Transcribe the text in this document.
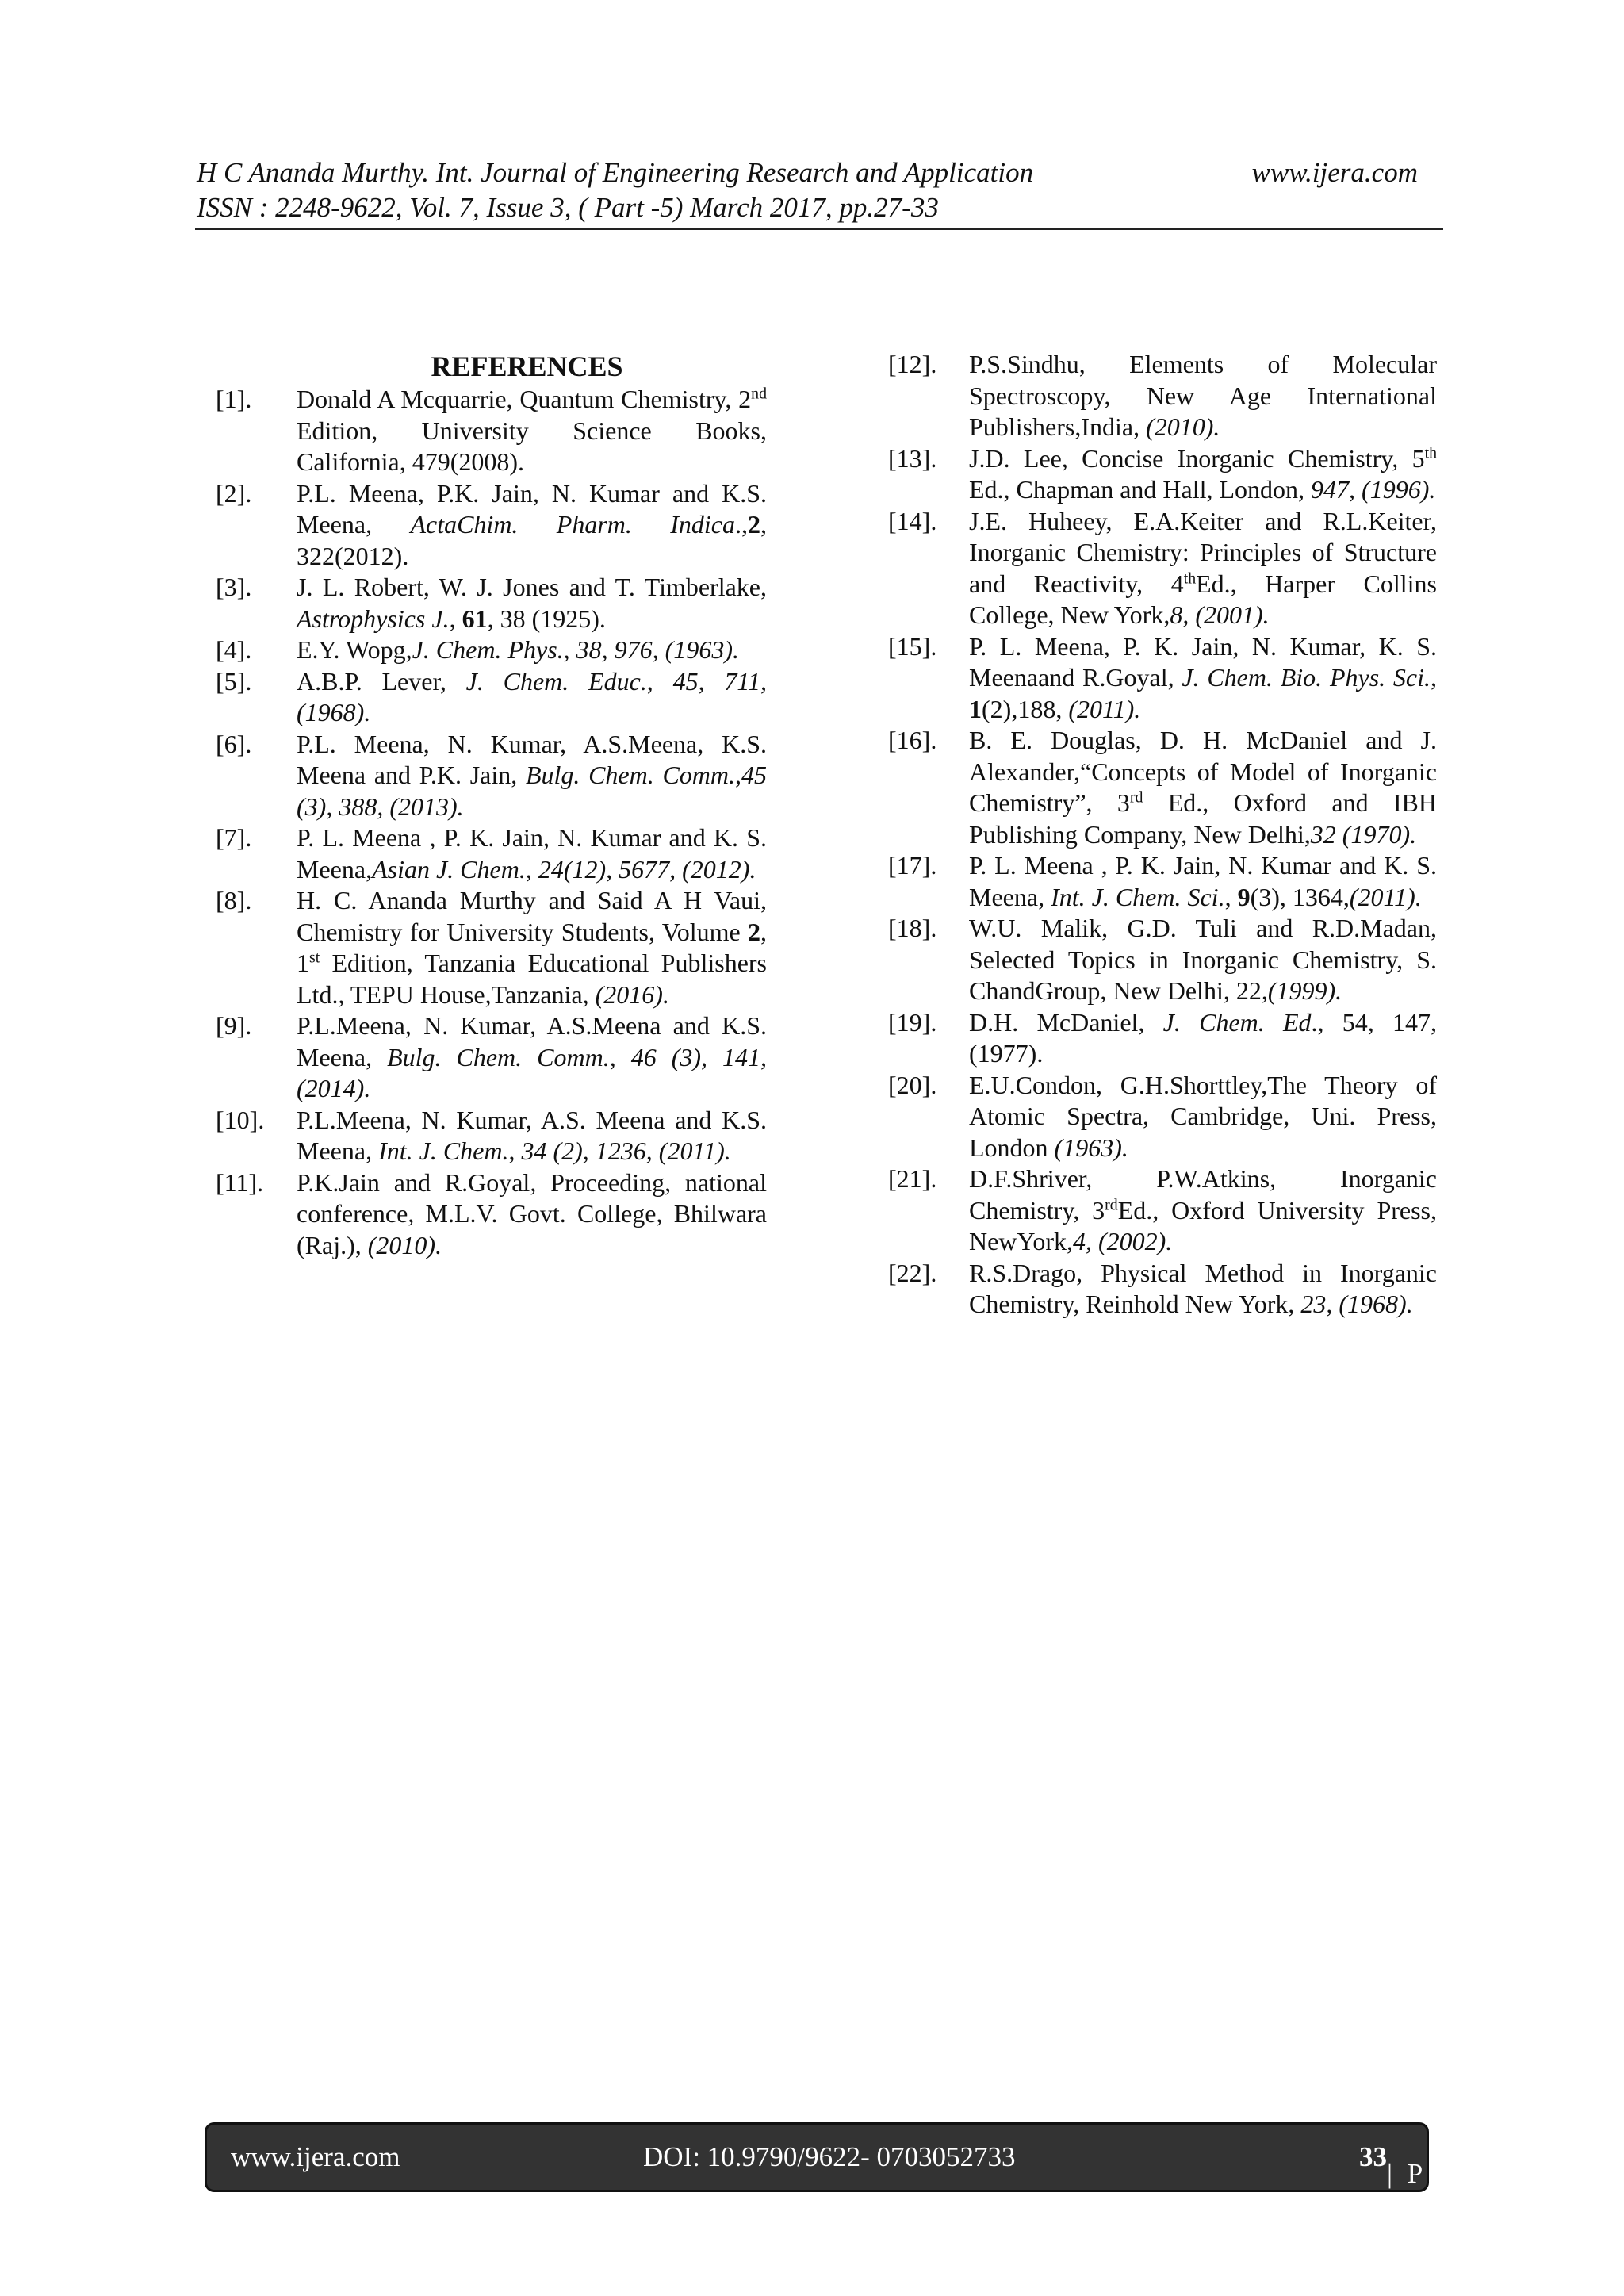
H C Ananda Murthy. Int. Journal of Engineering Research and Application	www.ijera.com
ISSN : 2248-9622, Vol. 7, Issue 3, ( Part -5) March 2017, pp.27-33
REFERENCES
[1].	Donald A Mcquarrie, Quantum Chemistry, 2nd Edition, University Science Books, California, 479(2008).
[2].	P.L. Meena, P.K. Jain, N. Kumar and K.S. Meena, ActaChim. Pharm. Indica.,2, 322(2012).
[3].	J. L. Robert, W. J. Jones and T. Timberlake, Astrophysics J., 61, 38 (1925).
[4].	E.Y. Wopg,J. Chem. Phys., 38, 976, (1963).
[5].	A.B.P. Lever, J. Chem. Educ., 45, 711, (1968).
[6].	P.L. Meena, N. Kumar, A.S.Meena, K.S. Meena and P.K. Jain, Bulg. Chem. Comm.,45 (3), 388, (2013).
[7].	P. L. Meena , P. K. Jain, N. Kumar and K. S. Meena,Asian J. Chem., 24(12), 5677, (2012).
[8].	H. C. Ananda Murthy and Said A H Vaui, Chemistry for University Students, Volume 2, 1st Edition, Tanzania Educational Publishers Ltd., TEPU House,Tanzania, (2016).
[9].	P.L.Meena, N. Kumar, A.S.Meena and K.S. Meena, Bulg. Chem. Comm., 46 (3), 141,(2014).
[10].	P.L.Meena, N. Kumar, A.S. Meena and K.S. Meena, Int. J. Chem., 34 (2), 1236, (2011).
[11].	P.K.Jain and R.Goyal, Proceeding, national conference, M.L.V. Govt. College, Bhilwara (Raj.), (2010).
[12].	P.S.Sindhu, Elements of Molecular Spectroscopy, New Age International Publishers,India, (2010).
[13].	J.D. Lee, Concise Inorganic Chemistry, 5th Ed., Chapman and Hall, London, 947, (1996).
[14].	J.E. Huheey, E.A.Keiter and R.L.Keiter, Inorganic Chemistry: Principles of Structure and Reactivity, 4thEd., Harper Collins College, New York,8, (2001).
[15].	P. L. Meena, P. K. Jain, N. Kumar, K. S. Meenaand R.Goyal, J. Chem. Bio. Phys. Sci., 1(2),188, (2011).
[16].	B. E. Douglas, D. H. McDaniel and J. Alexander,“Concepts of Model of Inorganic Chemistry”, 3rd Ed., Oxford and IBH Publishing Company, New Delhi,32 (1970).
[17].	P. L. Meena , P. K. Jain, N. Kumar and K. S. Meena, Int. J. Chem. Sci., 9(3), 1364,(2011).
[18].	W.U. Malik, G.D. Tuli and R.D.Madan, Selected Topics in Inorganic Chemistry, S. ChandGroup, New Delhi, 22,(1999).
[19].	D.H. McDaniel, J. Chem. Ed., 54, 147, (1977).
[20].	E.U.Condon, G.H.Shorttley,The Theory of Atomic Spectra, Cambridge, Uni. Press, London (1963).
[21].	D.F.Shriver, P.W.Atkins, Inorganic Chemistry, 3rdEd., Oxford University Press, NewYork,4, (2002).
[22].	R.S.Drago, Physical Method in Inorganic Chemistry, Reinhold New York, 23, (1968).
www.ijera.com	DOI: 10.9790/9622- 0703052733	33
| P a g e
